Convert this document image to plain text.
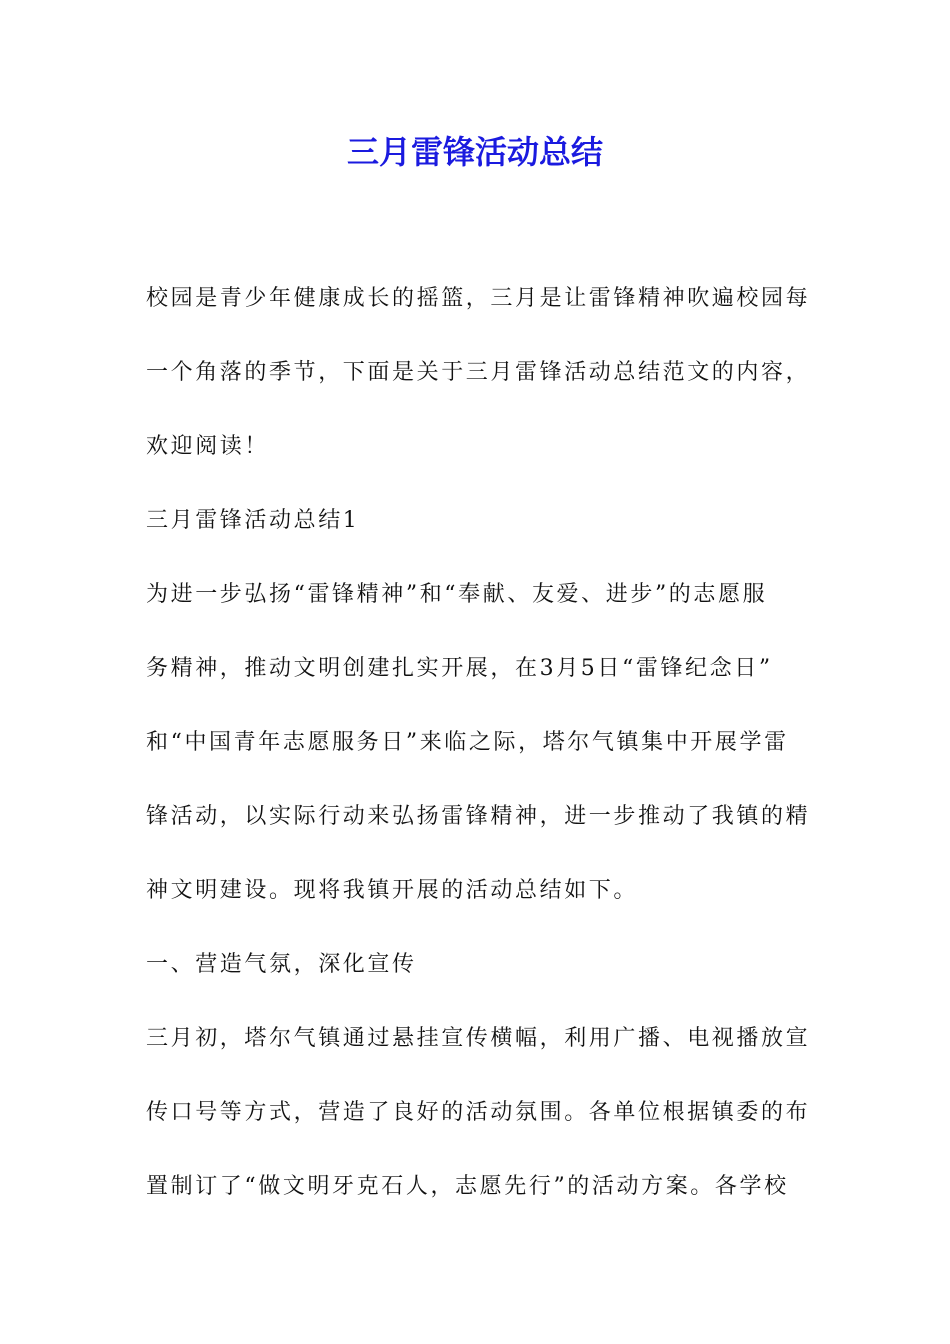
三月雷锋活动总结

校园是青少年健康成长的摇篮，三月是让雷锋精神吹遍校园每

一个角落的季节，下面是关于三月雷锋活动总结范文的内容，

欢迎阅读！

三月雷锋活动总结1

为进一步弘扬“雷锋精神”和“奉献、友爱、进步”的志愿服

务精神，推动文明创建扎实开展，在3月5日“雷锋纪念日”

和“中国青年志愿服务日”来临之际，塔尔气镇集中开展学雷

锋活动，以实际行动来弘扬雷锋精神，进一步推动了我镇的精

神文明建设。现将我镇开展的活动总结如下。

一、营造气氛，深化宣传

三月初，塔尔气镇通过悬挂宣传横幅，利用广播、电视播放宣

传口号等方式，营造了良好的活动氛围。各单位根据镇委的布

置制订了“做文明牙克石人，志愿先行”的活动方案。各学校
